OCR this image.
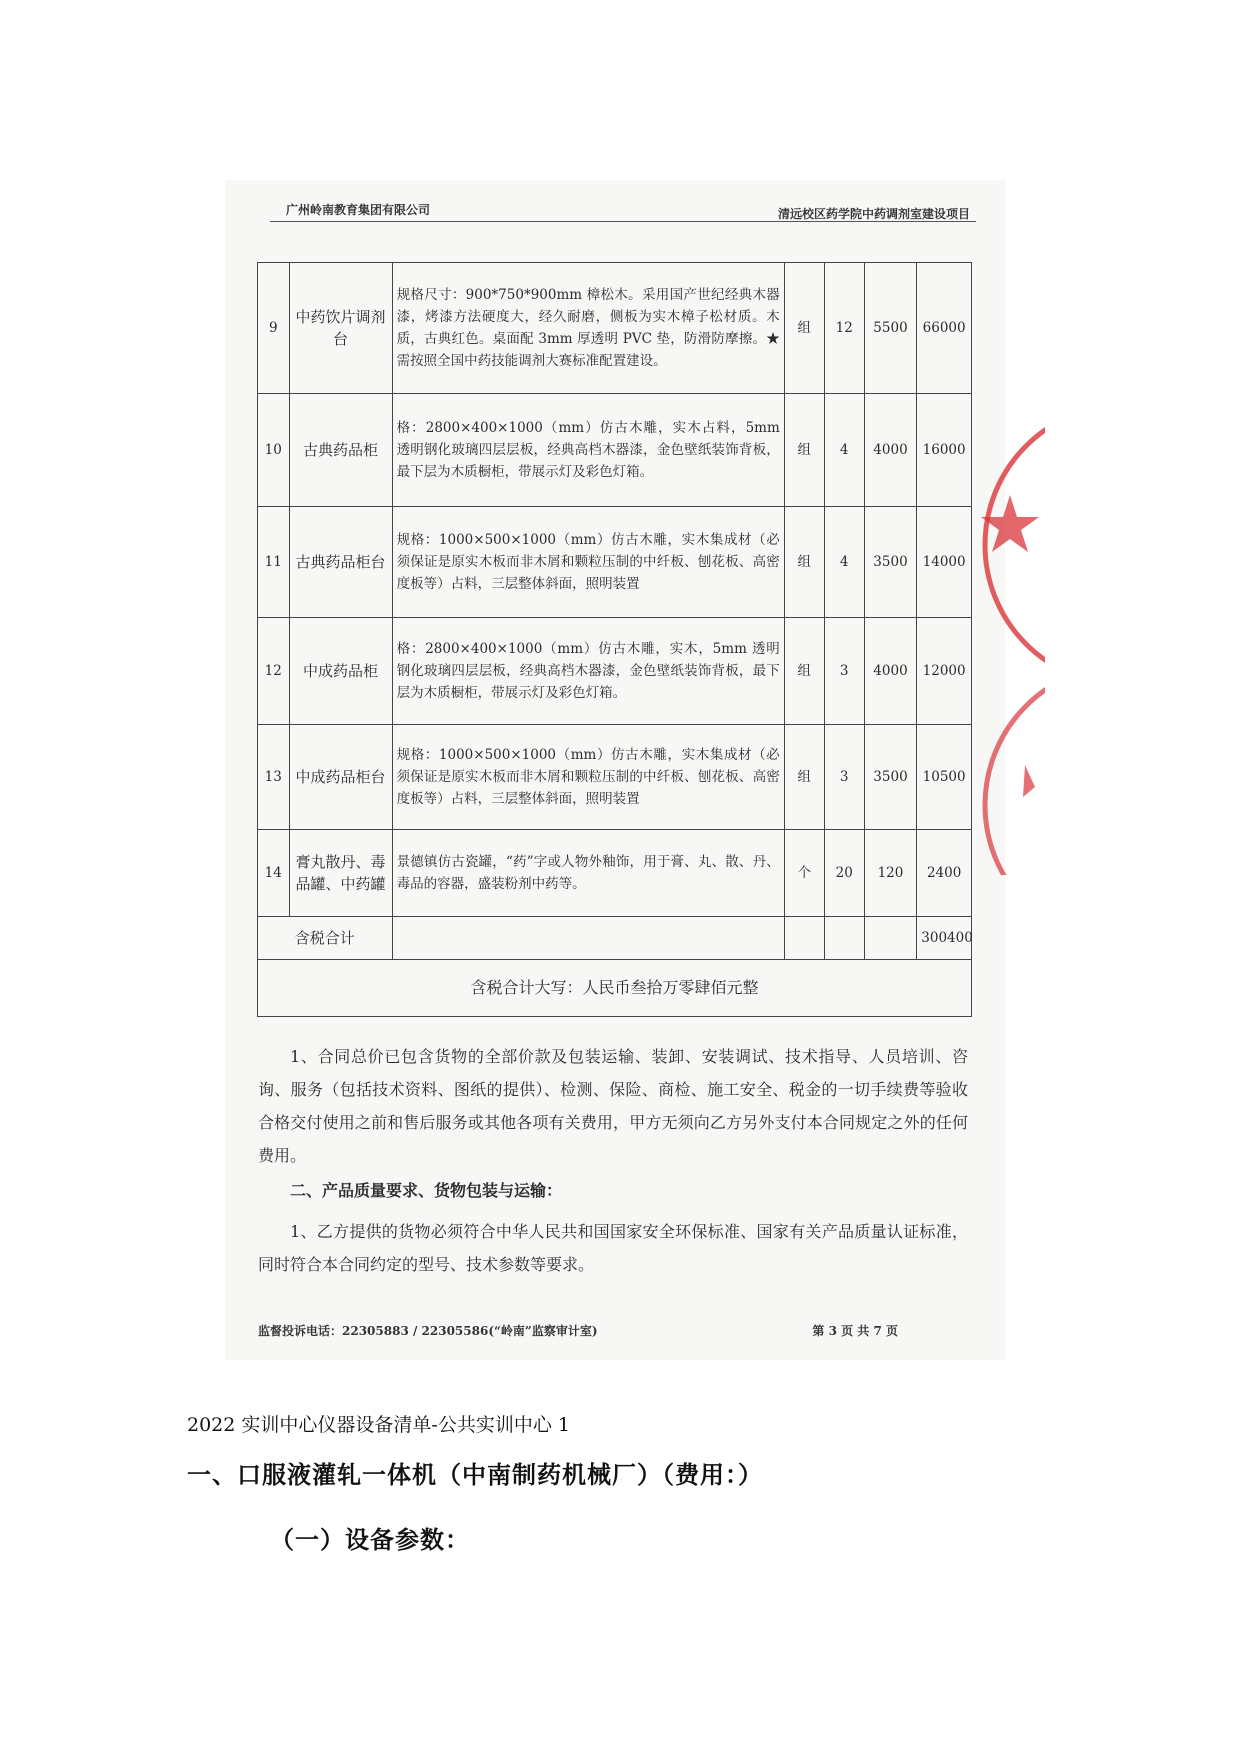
广州岭南教育集团有限公司	清远校区药学院中药调剂室建设项目
9	中药饮片调剂台	规格尺寸：900*750*900mm 樟松木。采用国产世纪经典木器漆，烤漆方法硬度大，经久耐磨，侧板为实木樟子松材质。木质，古典红色。桌面配 3mm 厚透明 PVC 垫，防滑防摩擦。★需按照全国中药技能调剂大赛标准配置建设。	组	12	5500	66000
10	古典药品柜	格：2800×400×1000（mm）仿古木雕，实木占料，5mm 透明钢化玻璃四层层板，经典高档木器漆，金色壁纸装饰背板，最下层为木质橱柜，带展示灯及彩色灯箱。	组	4	4000	16000
11	古典药品柜台	规格：1000×500×1000（mm）仿古木雕，实木集成材（必须保证是原实木板而非木屑和颗粒压制的中纤板、刨花板、高密度板等）占料，三层整体斜面，照明装置	组	4	3500	14000
12	中成药品柜	格：2800×400×1000（mm）仿古木雕，实木，5mm 透明钢化玻璃四层层板，经典高档木器漆，金色壁纸装饰背板，最下层为木质橱柜，带展示灯及彩色灯箱。	组	3	4000	12000
13	中成药品柜台	规格：1000×500×1000（mm）仿古木雕，实木集成材（必须保证是原实木板而非木屑和颗粒压制的中纤板、刨花板、高密度板等）占料，三层整体斜面，照明装置	组	3	3500	10500
14	膏丸散丹、毒品罐、中药罐	景德镇仿古瓷罐，“药”字或人物外釉饰，用于膏、丸、散、丹、毒品的容器，盛装粉剂中药等。	个	20	120	2400
含税合计						300400
含税合计大写：人民币叁拾万零肆佰元整						
1、合同总价已包含货物的全部价款及包装运输、装卸、安装调试、技术指导、人员培训、咨询、服务（包括技术资料、图纸的提供）、检测、保险、商检、施工安全、税金的一切手续费等验收合格交付使用之前和售后服务或其他各项有关费用，甲方无须向乙方另外支付本合同规定之外的任何费用。
二、产品质量要求、货物包装与运输：
1、乙方提供的货物必须符合中华人民共和国国家安全环保标准、国家有关产品质量认证标准，同时符合本合同约定的型号、技术参数等要求。
监督投诉电话：22305883 / 22305586(“岭南”监察审计室)	第 3 页 共 7 页
2022 实训中心仪器设备清单-公共实训中心 1
一、口服液灌轧一体机（中南制药机械厂）（费用：）
（一）设备参数：
